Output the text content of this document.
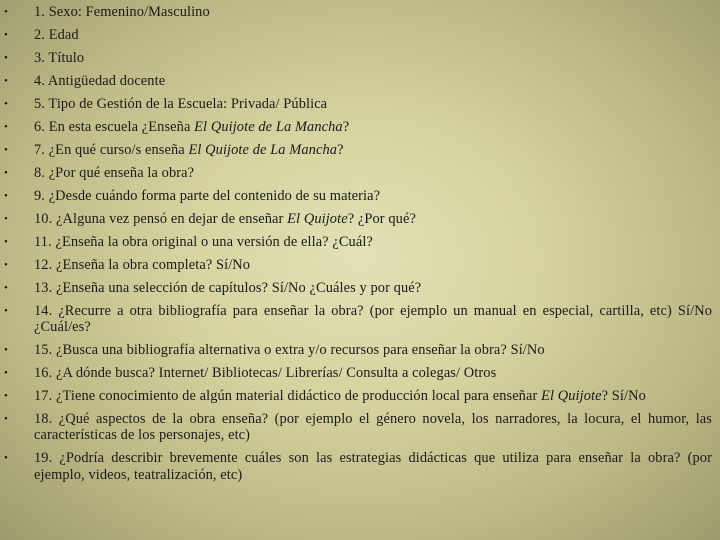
• 1. Sexo: Femenino/Masculino
• 2. Edad
• 3. Título
• 4. Antigüedad docente
• 5. Tipo de Gestión de la Escuela: Privada/ Pública
• 6. En esta escuela ¿Enseña El Quijote de La Mancha?
• 7. ¿En qué curso/s enseña El Quijote de La Mancha?
• 8. ¿Por qué enseña la obra?
• 9. ¿Desde cuándo forma parte del contenido de su materia?
• 10. ¿Alguna vez pensó en dejar de enseñar El Quijote? ¿Por qué?
• 11. ¿Enseña la obra original o una versión de ella? ¿Cuál?
• 12. ¿Enseña la obra completa? Sí/No
• 13. ¿Enseña una selección de capítulos? Sí/No ¿Cuáles y por qué?
• 14. ¿Recurre a otra bibliografía para enseñar la obra? (por ejemplo un manual en especial, cartilla, etc) Sí/No ¿Cuál/es?
• 15. ¿Busca una bibliografía alternativa o extra y/o recursos para enseñar la obra? Sí/No
• 16. ¿A dónde busca? Internet/ Bibliotecas/ Librerías/ Consulta a colegas/ Otros
• 17. ¿Tiene conocimiento de algún material didáctico de producción local para enseñar El Quijote? Sí/No
• 18. ¿Qué aspectos de la obra enseña? (por ejemplo el género novela, los narradores, la locura, el humor, las características de los personajes, etc)
• 19. ¿Podría describir brevemente cuáles son las estrategias didácticas que utiliza para enseñar la obra? (por ejemplo, videos, teatralización, etc)
